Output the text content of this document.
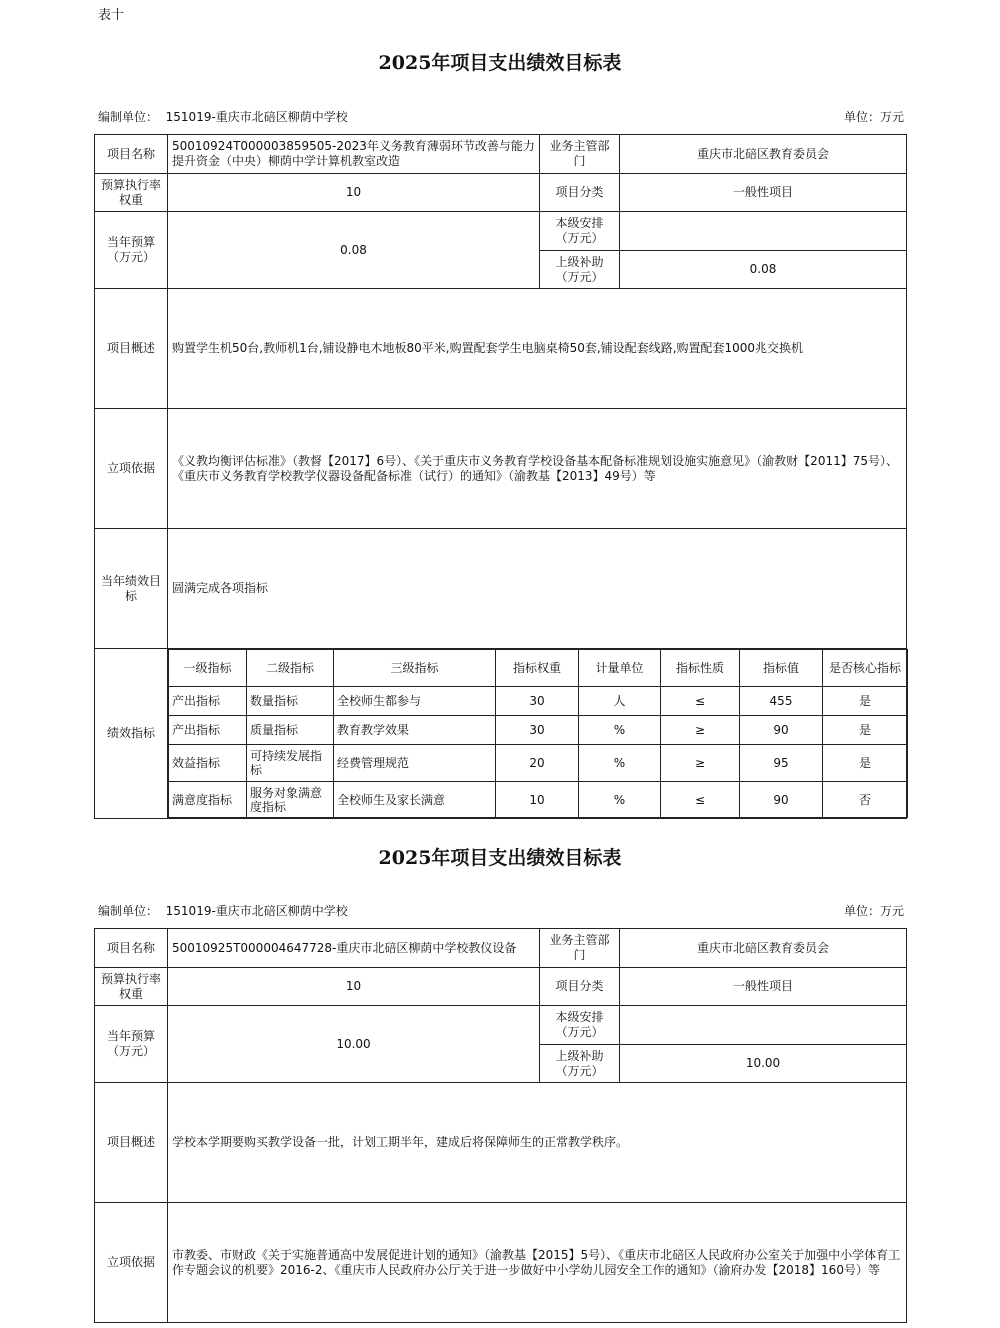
表十
2025年项目支出绩效目标表
编制单位： 151019-重庆市北碚区柳荫中学校	单位：万元
项目名称	50010924T000003859505-2023年义务教育薄弱环节改善与能力提升资金（中央）柳荫中学计算机教室改造	业务主管部门	重庆市北碚区教育委员会
预算执行率权重	10	项目分类	一般性项目
当年预算（万元）	0.08	本级安排（万元）	
上级补助（万元）	0.08
项目概述	购置学生机50台,教师机1台,铺设静电木地板80平米,购置配套学生电脑桌椅50套,铺设配套线路,购置配套1000兆交换机
立项依据	《义教均衡评估标准》（教督【2017】6号）、《关于重庆市义务教育学校设备基本配备标准规划设施实施意见》（渝教财【2011】75号）、《重庆市义务教育学校教学仪器设备配备标准（试行）的通知》（渝教基【2013】49号）等
当年绩效目标	圆满完成各项指标
绩效指标	
一级指标	二级指标	三级指标	指标权重	计量单位	指标性质	指标值	是否核心指标
产出指标	数量指标	全校师生都参与	30	人	≤	455	是
产出指标	质量指标	教育教学效果	30	%	≥	90	是
效益指标	可持续发展指标	经费管理规范	20	%	≥	95	是
满意度指标	服务对象满意度指标	全校师生及家长满意	10	%	≤	90	否
2025年项目支出绩效目标表
编制单位： 151019-重庆市北碚区柳荫中学校	单位：万元
项目名称	50010925T000004647728-重庆市北碚区柳荫中学校教仪设备	业务主管部门	重庆市北碚区教育委员会
预算执行率权重	10	项目分类	一般性项目
当年预算（万元）	10.00	本级安排（万元）	
		上级补助（万元）	10.00
项目概述	学校本学期要购买教学设备一批，计划工期半年，建成后将保障师生的正常教学秩序。		
立项依据	市教委、市财政《关于实施普通高中发展促进计划的通知》（渝教基【2015】5号）、《重庆市北碚区人民政府办公室关于加强中小学体育工作专题会议的机要》2016-2、《重庆市人民政府办公厅关于进一步做好中小学幼儿园安全工作的通知》（渝府办发【2018】160号）等		
